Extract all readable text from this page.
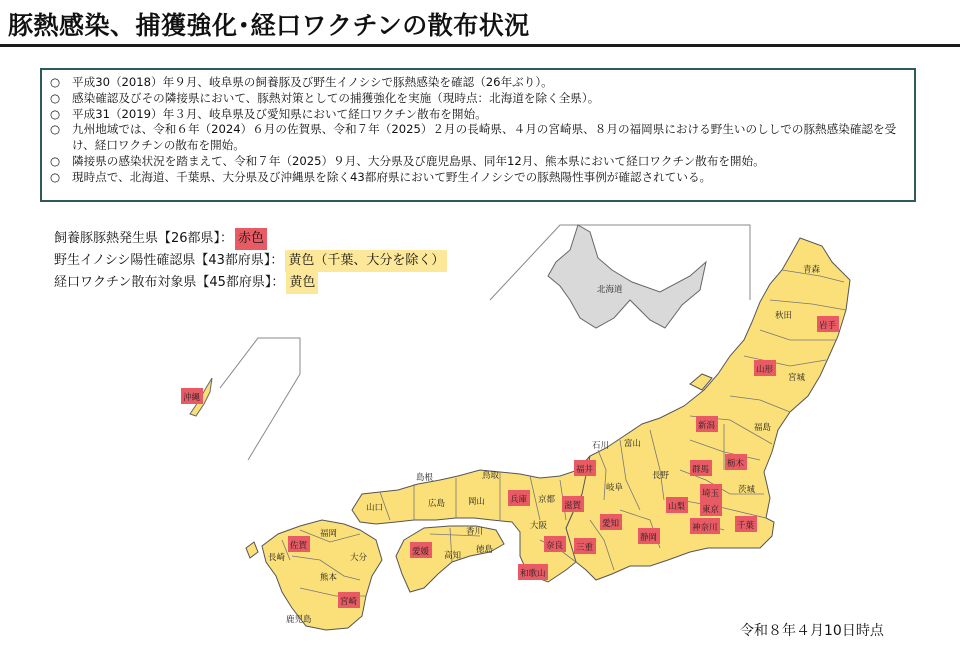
豚熱感染、捕獲強化･経口ワクチンの散布状況
○	平成30（2018）年９月、岐阜県の飼養豚及び野生イノシシで豚熱感染を確認（26年ぶり）。
○	感染確認及びその隣接県において、豚熱対策としての捕獲強化を実施（現時点：北海道を除く全県）。
○	平成31（2019）年３月、岐阜県及び愛知県において経口ワクチン散布を開始。
○	九州地域では、令和６年（2024）６月の佐賀県、令和７年（2025）２月の長崎県、４月の宮崎県、８月の福岡県における野生いのししでの豚熱感染確認を受け、経口ワクチンの散布を開始。
○	隣接県の感染状況を踏まえて、令和７年（2025）９月、大分県及び鹿児島県、同年12月、熊本県において経口ワクチン散布を開始。
○	現時点で、北海道、千葉県、大分県及び沖縄県を除く43都府県において野生イノシシでの豚熱陽性事例が確認されている。
飼養豚豚熱発生県【26都県】： 赤色
野生イノシシ陽性確認県【43都府県】： 黄色（千葉、大分を除く）
経口ワクチン散布対象県【45都府県】： 黄色	北海道
青森
秋田
岩手
山形
宮城
新潟	福島
石川 富山
福井
岐阜
長野
群馬
栃木
茨城
埼玉
東京
山梨
神奈川 千葉
静岡
愛知
三重
滋賀
京都
大阪
奈良
和歌山
兵庫
鳥取
島根
岡山
広島
山口
香川
徳島
愛媛 高知
福岡
佐賀
長崎	大分
熊本
宮崎
鹿児島
沖縄
令和８年４月10日時点
